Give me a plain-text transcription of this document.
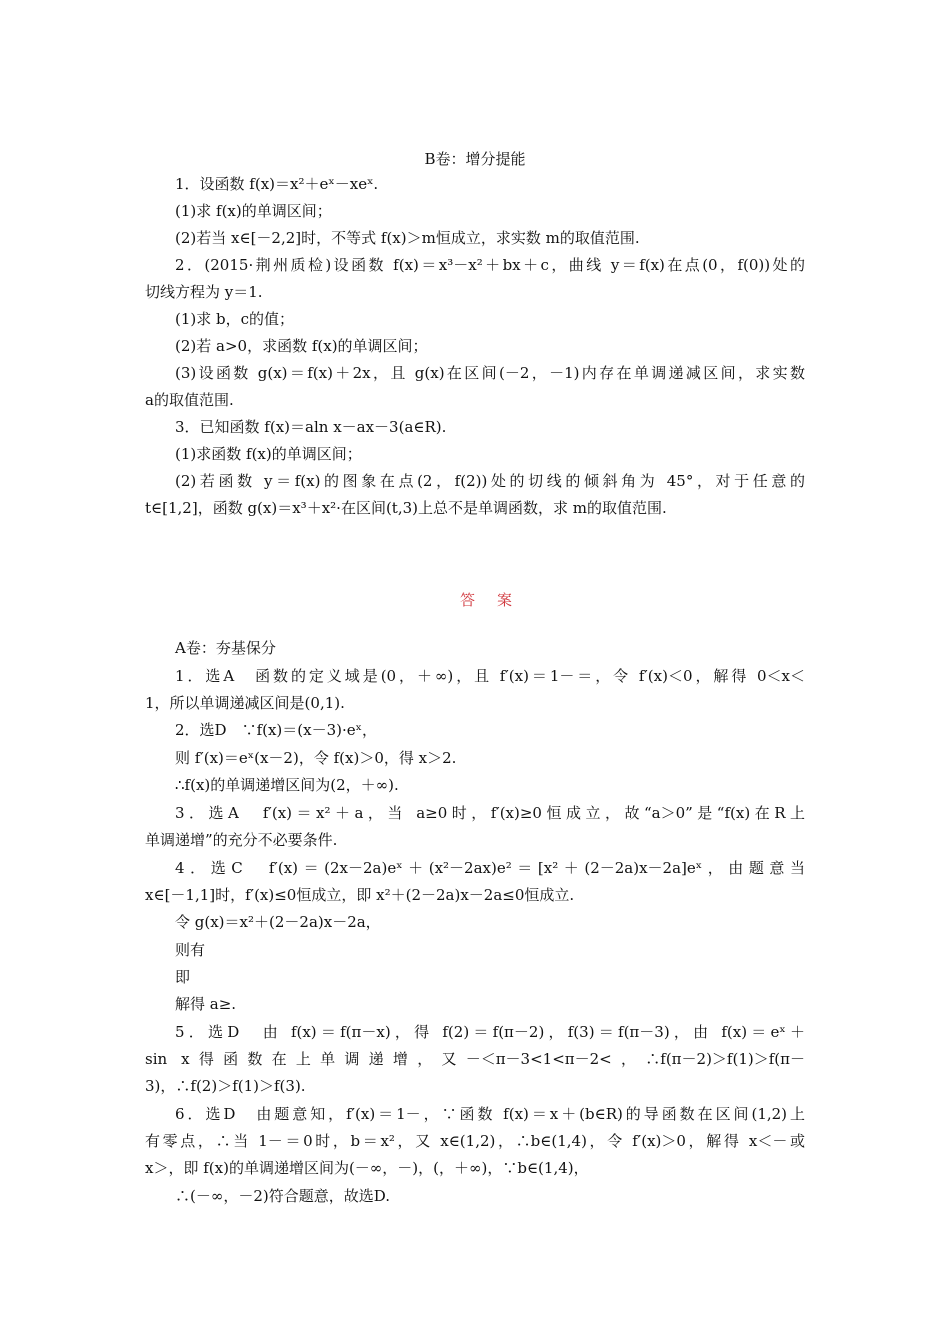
B卷：增分提能
1．设函数 f(x)＝x²＋eˣ－xeˣ.
(1)求 f(x)的单调区间；
(2)若当 x∈[－2,2]时，不等式 f(x)＞m恒成立，求实数 m的取值范围.
2．(2015·荆州质检)设函数 f(x)＝x³－x²＋bx＋c，曲线 y＝f(x)在点(0，f(0))处的
切线方程为 y＝1.
(1)求 b，c的值；
(2)若 a>0，求函数 f(x)的单调区间；
(3)设函数 g(x)＝f(x)＋2x，且 g(x)在区间(－2，－1)内存在单调递减区间，求实数
a的取值范围.
3．已知函数 f(x)＝aln x－ax－3(a∈R).
(1)求函数 f(x)的单调区间；
(2)若函数 y＝f(x)的图象在点(2，f(2))处的切线的倾斜角为 45°，对于任意的
t∈[1,2]，函数 g(x)＝x³＋x²·在区间(t,3)上总不是单调函数，求 m的取值范围.
答案
A卷：夯基保分
1．选A　函数的定义域是(0，＋∞)，且 f′(x)＝1－＝，令 f′(x)＜0，解得 0＜x＜
1，所以单调递减区间是(0,1).
2．选D　∵f(x)＝(x－3)·eˣ，
则 f′(x)＝eˣ(x－2)，令 f(x)＞0，得 x＞2.
∴f(x)的单调递增区间为(2，＋∞).
3．选A　f′(x)＝x²＋a，当 a≥0时，f′(x)≥0恒成立，故“a＞0”是“f(x)在R上
单调递增”的充分不必要条件.
4．选C　f′(x)＝(2x－2a)eˣ＋(x²－2ax)e²＝[x²＋(2－2a)x－2a]eˣ，由题意当
x∈[－1,1]时，f′(x)≤0恒成立，即 x²＋(2－2a)x－2a≤0恒成立.
令 g(x)＝x²＋(2－2a)x－2a，
则有
即
解得 a≥.
5．选D　由 f(x)＝f(π－x)，得 f(2)＝f(π－2)，f(3)＝f(π－3)，由 f(x)＝eˣ＋
sin x得函数在上单调递增，又－＜π－3<1<π－2<，∴f(π－2)＞f(1)＞f(π－
3)，∴f(2)＞f(1)＞f(3).
6．选D　由题意知，f′(x)＝1－，∵函数 f(x)＝x＋(b∈R)的导函数在区间(1,2)上
有零点，∴当 1－＝0时，b＝x²，又 x∈(1,2)，∴b∈(1,4)，令 f′(x)＞0，解得 x＜－或
x＞，即 f(x)的单调递增区间为(－∞，－)，(，＋∞)，∵b∈(1,4)，
∴(－∞，－2)符合题意，故选D.
